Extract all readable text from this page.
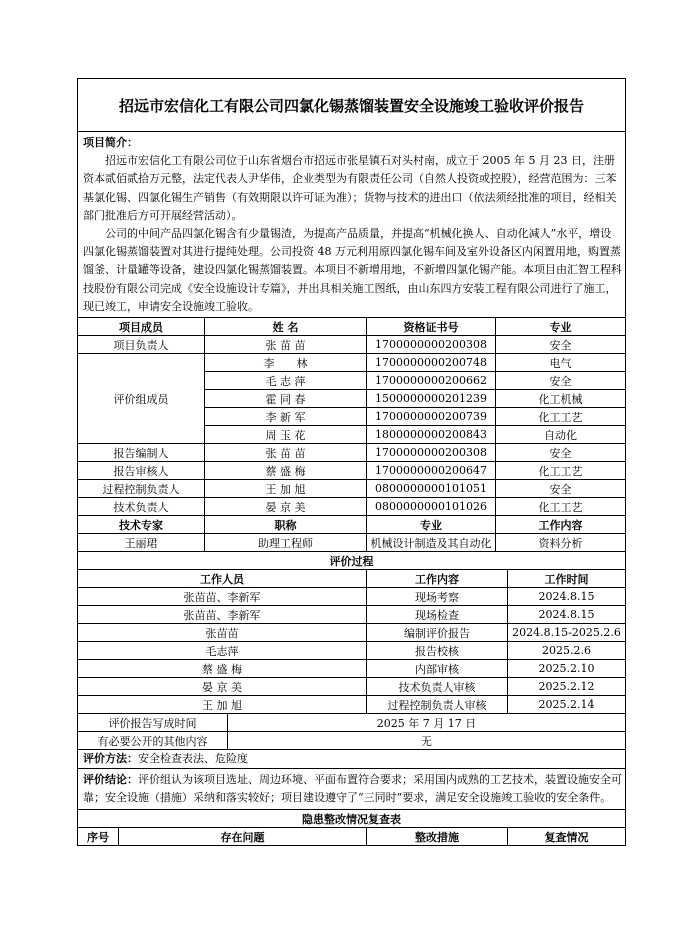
招远市宏信化工有限公司四氯化锡蒸馏装置安全设施竣工验收评价报告						

项目简介：

招远市宏信化工有限公司位于山东省烟台市招远市张星镇石对头村南，成立于 2005 年 5 月 23 日，注册资本贰佰贰拾万元整，法定代表人尹华伟，企业类型为有限责任公司（自然人投资或控股），经营范围为：三苯基氯化锡、四氯化锡生产销售（有效期限以许可证为准）；货物与技术的进出口（依法须经批准的项目，经相关部门批准后方可开展经营活动）。

公司的中间产品四氯化锡含有少量锡渣，为提高产品质量，并提高“机械化换人、自动化减人”水平，增设四氯化锡蒸馏装置对其进行提纯处理。公司投资 48 万元利用原四氯化锡车间及室外设备区内闲置用地，购置蒸馏釜、计量罐等设备，建设四氯化锡蒸馏装置。本项目不新增用地，不新增四氯化锡产能。本项目由汇智工程科技股份有限公司完成《安全设施设计专篇》，并出具相关施工图纸，由山东四方安装工程有限公司进行了施工，现已竣工，申请安全设施竣工验收。						

项目成员		姓 名		资格证书号	专业	
项目负责人		张 苗 苗		1700000000200308	安全	
评价组成员		李　　林		1700000000200748	电气	
		毛 志 萍		1700000000200662	安全	
		霍 同 春		1500000000201239	化工机械	
		李 新 军		1700000000200739	化工工艺	
		周 玉 花		1800000000200843	自动化	
报告编制人		张 苗 苗		1700000000200308	安全	
报告审核人		蔡 盛 梅		1700000000200647	化工工艺	
过程控制负责人		王 加 旭		0800000000101051	安全	
技术负责人		晏 京 美		0800000000101026	化工工艺	
技术专家		职称		专业	工作内容	
王丽珺		助理工程师		机械设计制造及其自动化	资料分析	
评价过程						
工作人员				工作内容		工作时间
张苗苗、李新军				现场考察		2024.8.15
张苗苗、李新军				现场检查		2024.8.15
张苗苗				编制评价报告		2024.8.15-2025.2.6
毛志萍				报告校核		2025.2.6
蔡 盛 梅				内部审核		2025.2.10
晏 京 美				技术负责人审核		2025.2.12
王 加 旭				过程控制负责人审核		2025.2.14
评价报告写成时间			2025 年 7 月 17 日			
有必要公开的其他内容			无			
评价方法：安全检查表法、危险度						
评价结论：评价组认为该项目选址、周边环境、平面布置符合要求；采用国内成熟的工艺技术，装置设施安全可靠；安全设施（措施）采纳和落实较好；项目建设遵守了“三同时”要求，满足安全设施竣工验收的安全条件。						
隐患整改情况复查表						
序号	存在问题			整改措施		复查情况
